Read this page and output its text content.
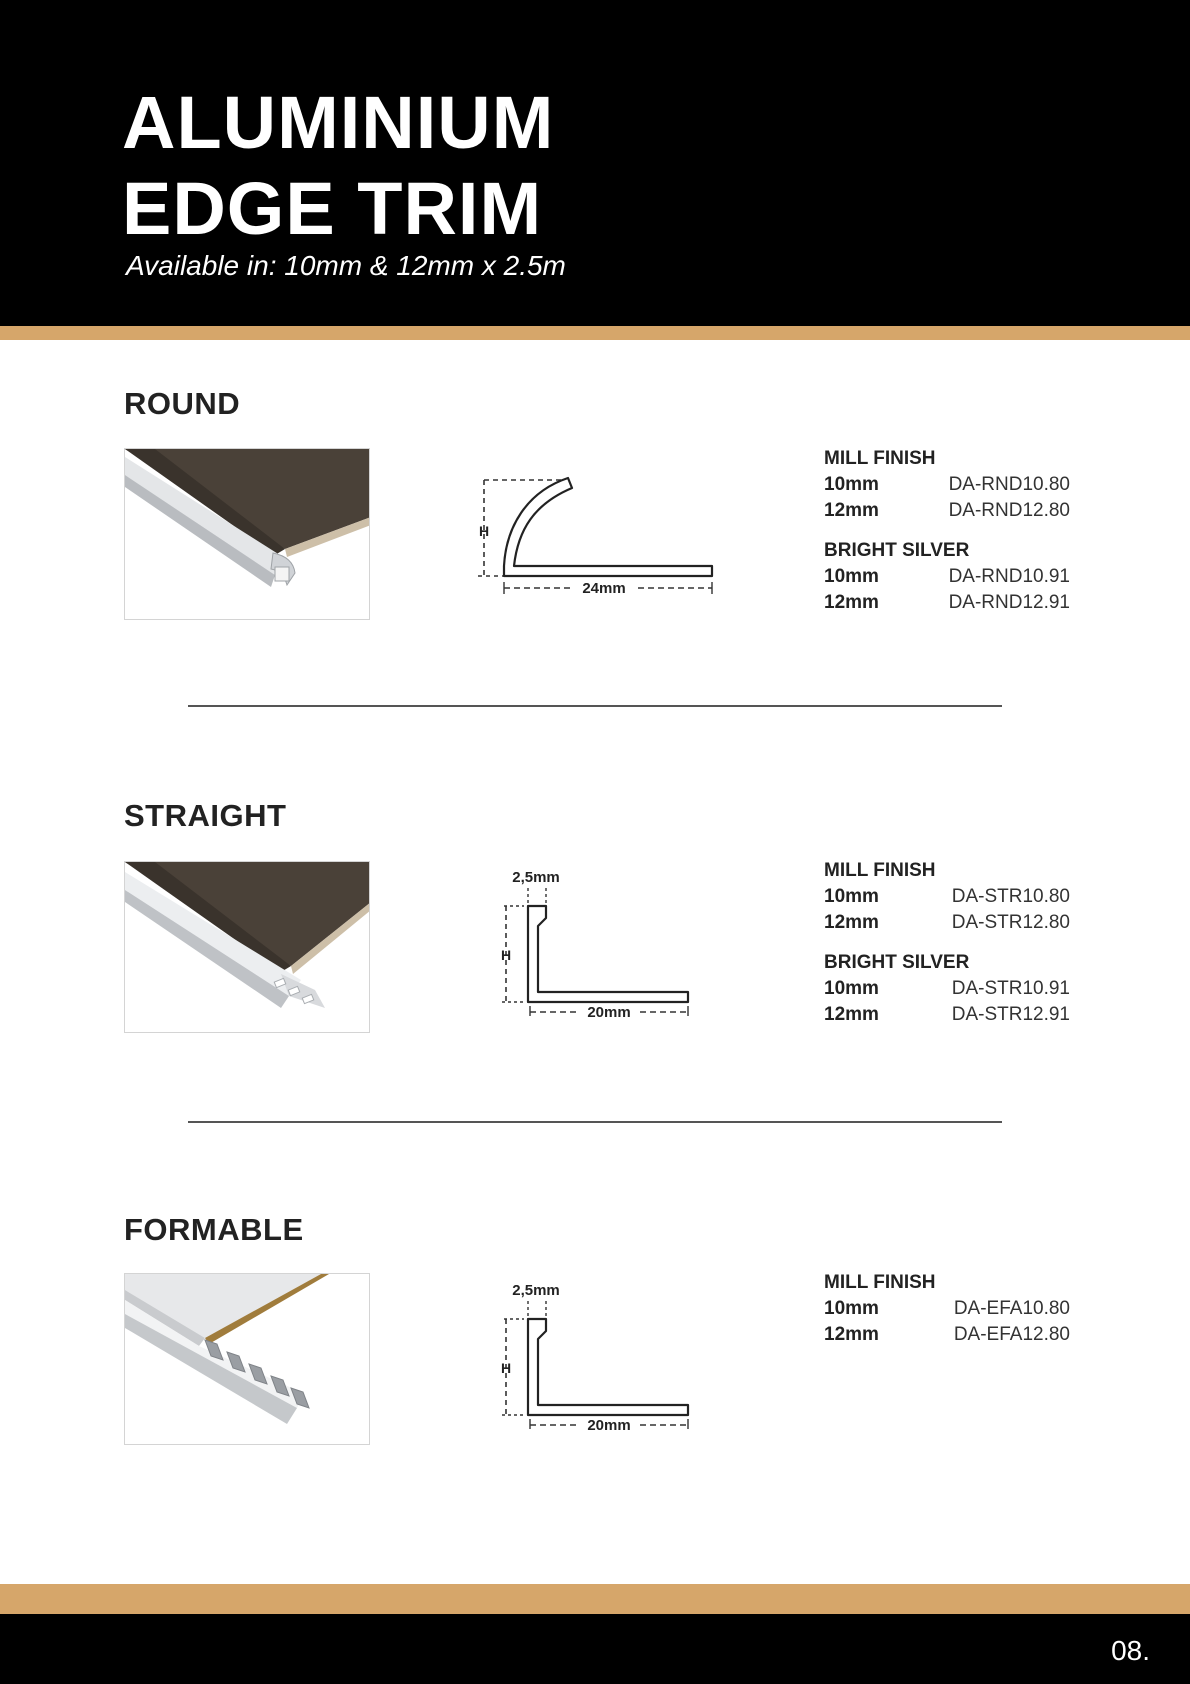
ALUMINIUM
EDGE TRIM
Available in: 10mm & 12mm x 2.5m
ROUND
H
24mm
MILL FINISH
10mm	DA-RND10.80
12mm	DA-RND12.80
BRIGHT SILVER
10mm	DA-RND10.91
12mm	DA-RND12.91
STRAIGHT
2,5mm
H
20mm
MILL FINISH
10mm	DA-STR10.80
12mm	DA-STR12.80
BRIGHT SILVER
10mm	DA-STR10.91
12mm	DA-STR12.91
FORMABLE
2,5mm
H
20mm
MILL FINISH
10mm	DA-EFA10.80
12mm	DA-EFA12.80
08.
